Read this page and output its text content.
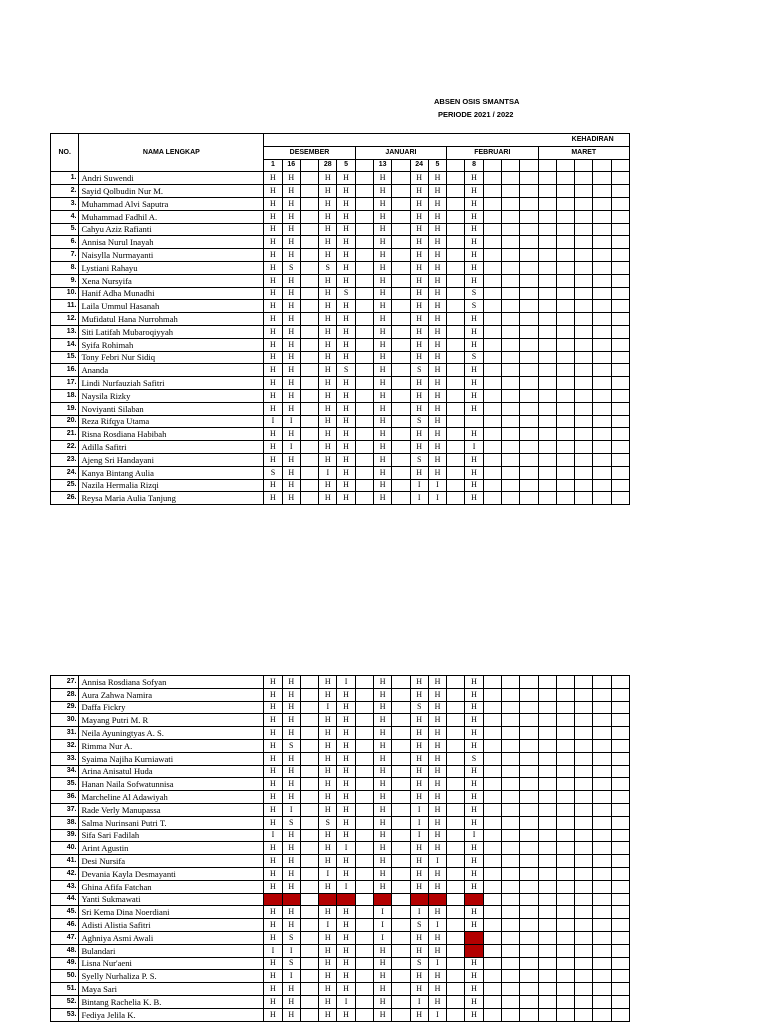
ABSEN OSIS SMANTSA
PERIODE 2021 / 2022
NO.	NAMA LENGKAP																	KEHADIRAN			
		DESEMBER					JANUARI					FEBRUARI					MARET				
		1	16		28	5		13		24	5		8								
1.	Andri Suwendi	H	H		H	H		H		H	H		H								
2.	Sayid Qolbudin Nur M.	H	H		H	H		H		H	H		H								
3.	Muhammad Alvi Saputra	H	H		H	H		H		H	H		H								
4.	Muhammad Fadhil A.	H	H		H	H		H		H	H		H								
5.	Cahyu Aziz Rafianti	H	H		H	H		H		H	H		H								
6.	Annisa Nurul Inayah	H	H		H	H		H		H	H		H								
7.	Naisylla Nurmayanti	H	H		H	H		H		H	H		H								
8.	Lystiani Rahayu	H	S		S	H		H		H	H		H								
9.	Xena Nursyifa	H	H		H	H		H		H	H		H								
10.	Hanif Adha Munadhi	H	H		H	S		H		H	H		S								
11.	Laila Ummul Hasanah	H	H		H	H		H		H	H		S								
12.	Mufidatul Hana Nurrohmah	H	H		H	H		H		H	H		H								
13.	Siti Latifah Mubaroqiyyah	H	H		H	H		H		H	H		H								
14.	Syifa Rohimah	H	H		H	H		H		H	H		H								
15.	Tony Febri Nur Sidiq	H	H		H	H		H		H	H		S								
16.	Ananda	H	H		H	S		H		S	H		H								
17.	Lindi Nurfauziah Safitri	H	H		H	H		H		H	H		H								
18.	Naysila Rizky	H	H		H	H		H		H	H		H								
19.	Noviyanti Silaban	H	H		H	H		H		H	H		H								
20.	Reza Rifqya Utama	I	I		H	H		H		S	H										
21.	Risna Rosdiana Habibah	H	H		H	H		H		H	H		H								
22.	Adilla Safitri	H	I		H	H		H		H	H		I								
23.	Ajeng Sri Handayani	H	H		H	H		H		S	H		H								
24.	Kanya Bintang Aulia	S	H		I	H		H		H	H		H								
25.	Nazila Hermalia Rizqi	H	H		H	H		H		I	I		H								
26.	Reysa Maria Aulia Tanjung	H	H		H	H		H		I	I		H								
27.	Annisa Rosdiana Sofyan	H	H		H	I		H		H	H		H								
28.	Aura Zahwa Namira	H	H		H	H		H		H	H		H								
29.	Daffa Fickry	H	H		I	H		H		S	H		H								
30.	Mayang Putri M. R	H	H		H	H		H		H	H		H								
31.	Neila Ayuningtyas A. S.	H	H		H	H		H		H	H		H								
32.	Rimma Nur A.	H	S		H	H		H		H	H		H								
33.	Syaima Najiha Kurniawati	H	H		H	H		H		H	H		S								
34.	Arina Anisatul Huda	H	H		H	H		H		H	H		H								
35.	Hanan Naila Sofwatunnisa	H	H		H	H		H		H	H		H								
36.	Marcheline Al Adawiyah	H	H		H	H		H		H	H		H								
37.	Rade Verly Manupassa	H	I		H	H		H		I	H		H								
38.	Salma Nurinsani Putri T.	H	S		S	H		H		I	H		H								
39.	Sifa Sari Fadilah	I	H		H	H		H		I	H		I								
40.	Arint Agustin	H	H		H	I		H		H	H		H								
41.	Desi Nursifa	H	H		H	H		H		H	I		H								
42.	Devania Kayla Desmayanti	H	H		I	H		H		H	H		H								
43.	Ghina Afifa Fatchan	H	H		H	I		H		H	H		H								
44.	Yanti Sukmawati																				
45.	Sri Kema Dina Noerdiani	H	H		H	H		I		I	H		H								
46.	Adisti Alistia Safitri	H	H		I	H		I		S	I		H								
47.	Aghniya Asmi Awali	H	S		H	H		I		H	H										
48.	Bulandari	I	I		H	H		H		H	H										
49.	Lisna Nur'aeni	H	S		H	H		H		S	I		H								
50.	Syelly Nurhaliza P. S.	H	I		H	H		H		H	H		H								
51.	Maya Sari	H	H		H	H		H		H	H		H								
52.	Bintang Rachelia K. B.	H	H		H	I		H		I	H		H								
53.	Fediya Jelila K.	H	H		H	H		H		H	I		H								
